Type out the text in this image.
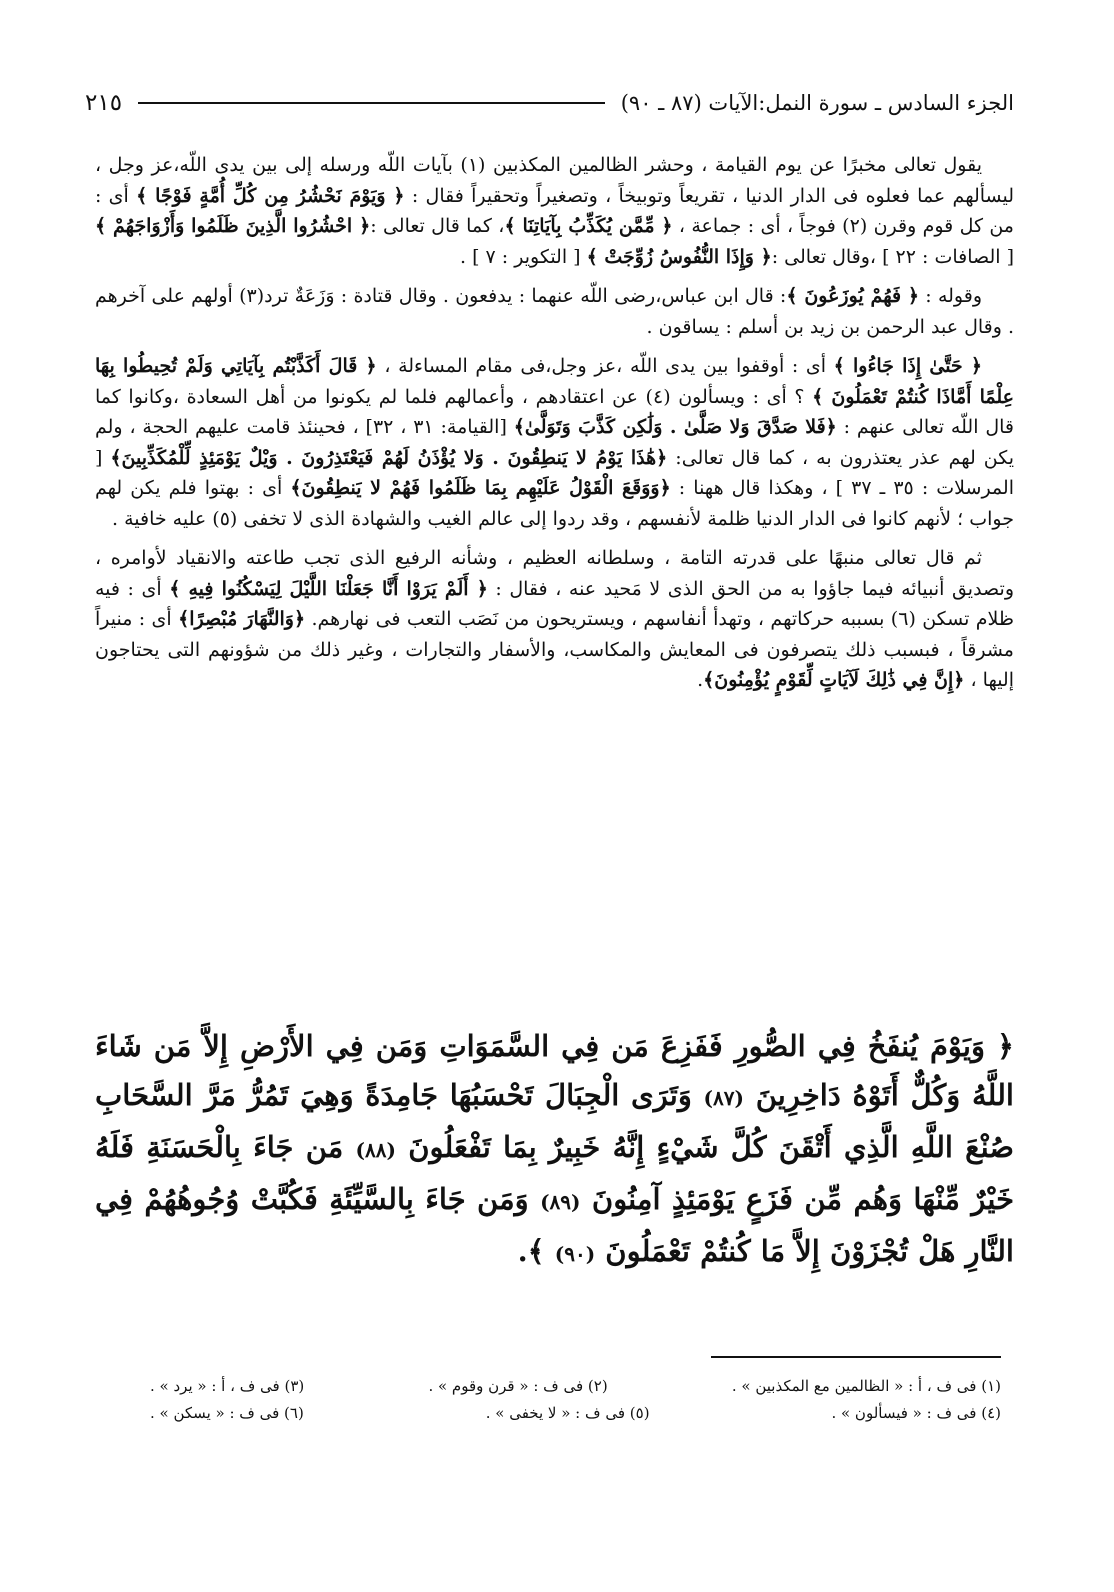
الجزء السادس ـ سورة النمل:الآيات (٨٧ ـ ٩٠)
٢١٥

يقول تعالى مخبرًا عن يوم القيامة ، وحشر الظالمين المكذبين (١) بآيات اللّه ورسله إلى بين يدى اللّه،عز وجل ، ليسألهم عما فعلوه فى الدار الدنيا ، تقريعاً وتوبيخاً ، وتصغيراً وتحقيراً فقال : ﴿ وَيَوْمَ نَحْشُرُ مِن كُلِّ أُمَّةٍ فَوْجًا ﴾ أى : من كل قوم وقرن (٢) فوجاً ، أى : جماعة ، ﴿ مِّمَّن يُكَذِّبُ بِآيَاتِنَا ﴾، كما قال تعالى :﴿ احْشُرُوا الَّذِينَ ظَلَمُوا وَأَزْوَاجَهُمْ ﴾ [ الصافات : ٢٢ ] ،وقال تعالى :﴿ وَإِذَا النُّفُوسُ زُوِّجَتْ ﴾ [ التكوير : ٧ ] .

وقوله : ﴿ فَهُمْ يُوزَعُونَ ﴾: قال ابن عباس،رضى اللّه عنهما : يدفعون . وقال قتادة : وَزَعَةٌ ترد(٣) أولهم على آخرهم . وقال عبد الرحمن بن زيد بن أسلم : يساقون .

﴿ حَتَّىٰ إِذَا جَاءُوا ﴾ أى : أوقفوا بين يدى اللّه ،عز وجل،فى مقام المساءلة ، ﴿ قَالَ أَكَذَّبْتُم بِآيَاتِي وَلَمْ تُحِيطُوا بِهَا عِلْمًا أَمَّاذَا كُنتُمْ تَعْمَلُونَ ﴾ ؟ أى : ويسألون (٤) عن اعتقادهم ، وأعمالهم فلما لم يكونوا من أهل السعادة ،وكانوا كما قال اللّه تعالى عنهم : ﴿فَلا صَدَّقَ وَلا صَلَّىٰ . وَلَٰكِن كَذَّبَ وَتَوَلَّىٰ﴾ [القيامة: ٣١ ، ٣٢] ، فحينئذ قامت عليهم الحجة ، ولم يكن لهم عذر يعتذرون به ، كما قال تعالى: ﴿هَٰذَا يَوْمُ لا يَنطِقُونَ . وَلا يُؤْذَنُ لَهُمْ فَيَعْتَذِرُونَ . وَيْلٌ يَوْمَئِذٍ لِّلْمُكَذِّبِينَ﴾ [ المرسلات : ٣٥ ـ ٣٧ ] ، وهكذا قال ههنا : ﴿وَوَقَعَ الْقَوْلُ عَلَيْهِم بِمَا ظَلَمُوا فَهُمْ لا يَنطِقُونَ﴾ أى : بهتوا فلم يكن لهم جواب ؛ لأنهم كانوا فى الدار الدنيا ظلمة لأنفسهم ، وقد ردوا إلى عالم الغيب والشهادة الذى لا تخفى (٥) عليه خافية .

ثم قال تعالى منبهًا على قدرته التامة ، وسلطانه العظيم ، وشأنه الرفيع الذى تجب طاعته والانقياد لأوامره ، وتصديق أنبيائه فيما جاؤوا به من الحق الذى لا مَحيد عنه ، فقال : ﴿ أَلَمْ يَرَوْا أَنَّا جَعَلْنَا اللَّيْلَ لِيَسْكُنُوا فِيهِ ﴾ أى : فيه ظلام تسكن (٦) بسببه حركاتهم ، وتهدأ أنفاسهم ، ويستريحون من نَصَب التعب فى نهارهم. ﴿وَالنَّهَارَ مُبْصِرًا﴾ أى : منيراً مشرقاً ، فبسبب ذلك يتصرفون فى المعايش والمكاسب، والأسفار والتجارات ، وغير ذلك من شؤونهم التى يحتاجون إليها ، ﴿إِنَّ فِي ذَٰلِكَ لَآيَاتٍ لِّقَوْمٍ يُؤْمِنُونَ﴾.

﴿ وَيَوْمَ يُنفَخُ فِي الصُّورِ فَفَزِعَ مَن فِي السَّمَوَاتِ وَمَن فِي الأَرْضِ إِلاَّ مَن شَاءَ اللَّهُ وَكُلٌّ أَتَوْهُ دَاخِرِينَ (٨٧) وَتَرَى الْجِبَالَ تَحْسَبُهَا جَامِدَةً وَهِيَ تَمُرُّ مَرَّ السَّحَابِ صُنْعَ اللَّهِ الَّذِي أَتْقَنَ كُلَّ شَيْءٍ إِنَّهُ خَبِيرٌ بِمَا تَفْعَلُونَ (٨٨) مَن جَاءَ بِالْحَسَنَةِ فَلَهُ خَيْرٌ مِّنْهَا وَهُم مِّن فَزَعٍ يَوْمَئِذٍ آمِنُونَ (٨٩) وَمَن جَاءَ بِالسَّيِّئَةِ فَكُبَّتْ وُجُوهُهُمْ فِي النَّارِ هَلْ تُجْزَوْنَ إِلاَّ مَا كُنتُمْ تَعْمَلُونَ (٩٠) ﴾.
(١) فى ف ، أ : « الظالمين مع المكذبين » .
(٢) فى ف : « قرن وقوم » .
(٣) فى ف ، أ : « يرد » .
(٤) فى ف : « فيسألون » .
(٥) فى ف : « لا يخفى » .
(٦) فى ف : « يسكن » .
